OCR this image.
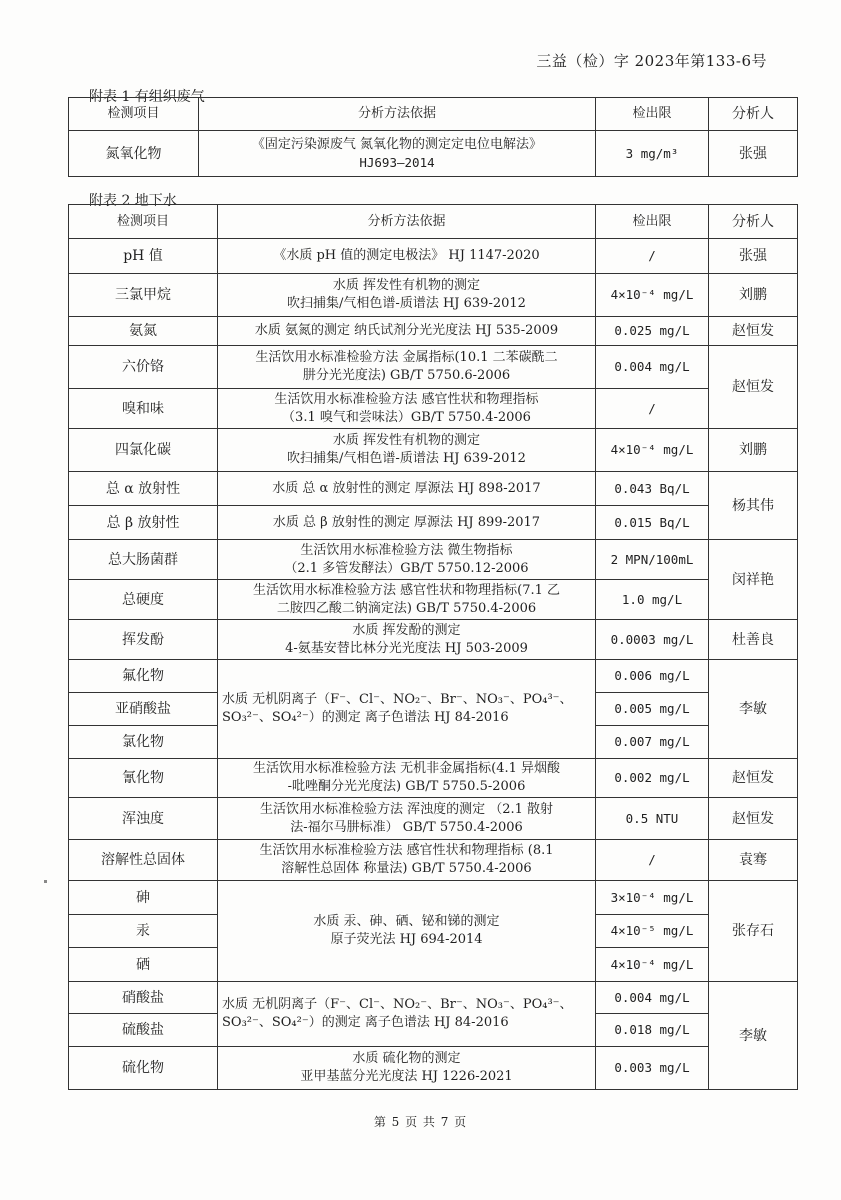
三益（检）字 2023年第133-6号
附表 1 有组织废气
检测项目	分析方法依据	检出限	分析人
氮氧化物	《固定污染源废气 氮氧化物的测定定电位电解法》
HJ693—2014	3 mg/m³	张强
附表 2 地下水
检测项目	分析方法依据	检出限	分析人
pH 值	《水质 pH 值的测定电极法》 HJ 1147-2020	/	张强
三氯甲烷	水质 挥发性有机物的测定
吹扫捕集/气相色谱-质谱法 HJ 639-2012	4×10⁻⁴ mg/L	刘鹏
氨氮	水质 氨氮的测定 纳氏试剂分光光度法 HJ 535-2009	0.025 mg/L	赵恒发
六价铬	生活饮用水标准检验方法 金属指标(10.1 二苯碳酰二
肼分光光度法) GB/T 5750.6-2006	0.004 mg/L	赵恒发
嗅和味	生活饮用水标准检验方法 感官性状和物理指标
（3.1 嗅气和尝味法）GB/T 5750.4-2006	/	
四氯化碳	水质 挥发性有机物的测定
吹扫捕集/气相色谱-质谱法 HJ 639-2012	4×10⁻⁴ mg/L	刘鹏
总 α 放射性	水质 总 α 放射性的测定 厚源法 HJ 898-2017	0.043 Bq/L	杨其伟
总 β 放射性	水质 总 β 放射性的测定 厚源法 HJ 899-2017	0.015 Bq/L	
总大肠菌群	生活饮用水标准检验方法 微生物指标
（2.1 多管发酵法）GB/T 5750.12-2006	2 MPN/100mL	闵祥艳
总硬度	生活饮用水标准检验方法 感官性状和物理指标(7.1 乙
二胺四乙酸二钠滴定法) GB/T 5750.4-2006	1.0 mg/L	
挥发酚	水质 挥发酚的测定
4-氨基安替比林分光光度法 HJ 503-2009	0.0003 mg/L	杜善良
氟化物	水质 无机阴离子（F⁻、Cl⁻、NO₂⁻、Br⁻、NO₃⁻、PO₄³⁻、
SO₃²⁻、SO₄²⁻）的测定 离子色谱法 HJ 84-2016	0.006 mg/L	李敏
亚硝酸盐		0.005 mg/L	
氯化物		0.007 mg/L	
氰化物	生活饮用水标准检验方法 无机非金属指标(4.1 异烟酸
-吡唑酮分光光度法) GB/T 5750.5-2006	0.002 mg/L	赵恒发
浑浊度	生活饮用水标准检验方法 浑浊度的测定 （2.1 散射
法-福尔马肼标准） GB/T 5750.4-2006	0.5 NTU	赵恒发
溶解性总固体	生活饮用水标准检验方法 感官性状和物理指标 (8.1
溶解性总固体 称量法) GB/T 5750.4-2006	/	袁骞
砷	水质 汞、砷、硒、铋和锑的测定
原子荧光法 HJ 694-2014	3×10⁻⁴ mg/L	张存石
汞		4×10⁻⁵ mg/L	
硒		4×10⁻⁴ mg/L	
硝酸盐	水质 无机阴离子（F⁻、Cl⁻、NO₂⁻、Br⁻、NO₃⁻、PO₄³⁻、
SO₃²⁻、SO₄²⁻）的测定 离子色谱法 HJ 84-2016	0.004 mg/L	李敏
硫酸盐		0.018 mg/L	
硫化物	水质 硫化物的测定
亚甲基蓝分光光度法 HJ 1226-2021	0.003 mg/L	
第 5 页 共 7 页
